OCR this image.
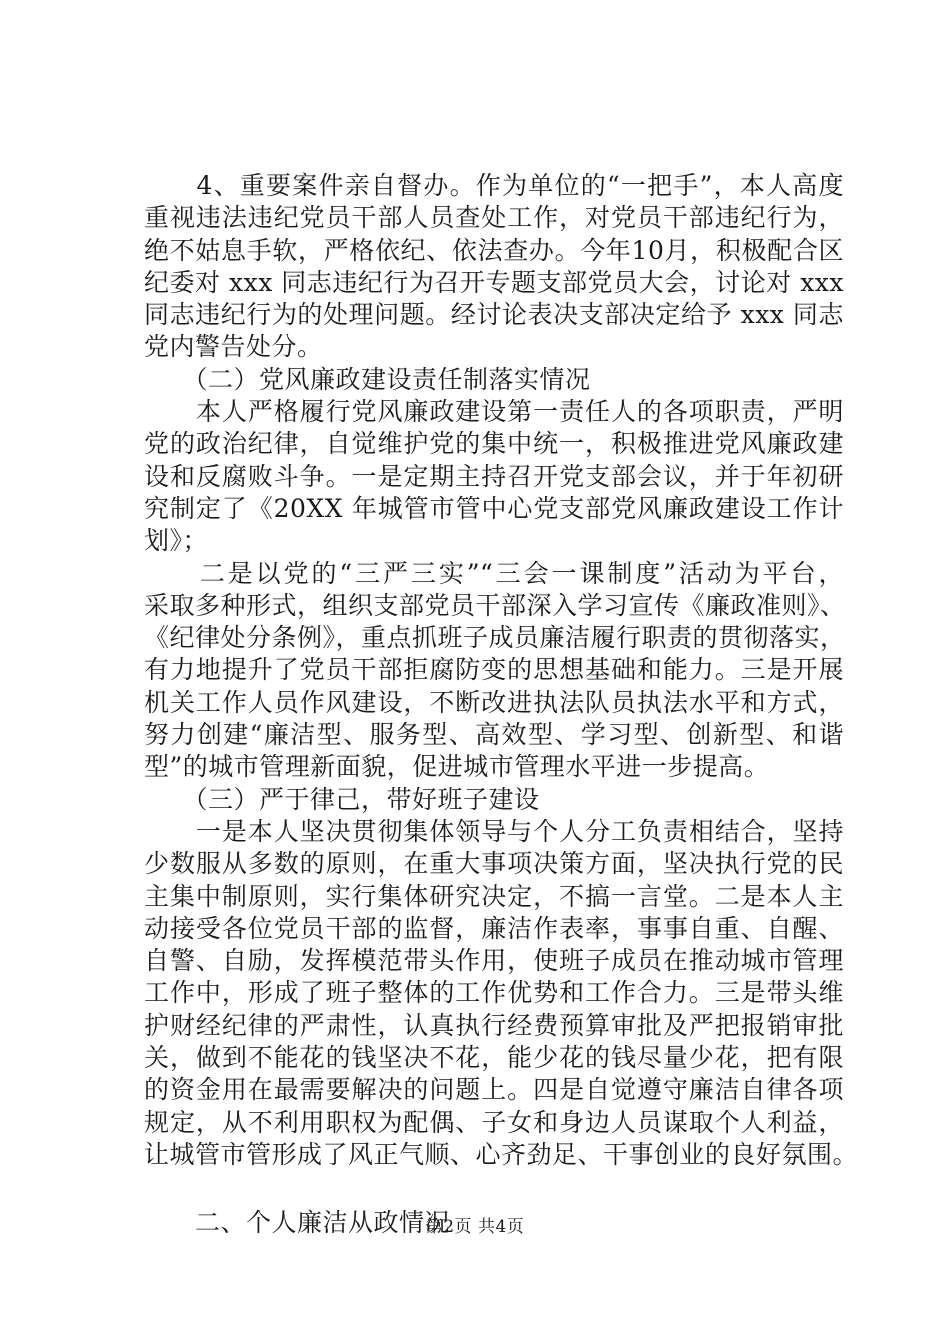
　　4、重要案件亲自督办。作为单位的“一把手”，本人高度
重视违法违纪党员干部人员查处工作，对党员干部违纪行为，
绝不姑息手软，严格依纪、依法查办。今年10月，积极配合区
纪委对 xxx 同志违纪行为召开专题支部党员大会，讨论对 xxx
同志违纪行为的处理问题。经讨论表决支部决定给予 xxx 同志
党内警告处分。
　　（二）党风廉政建设责任制落实情况
　　本人严格履行党风廉政建设第一责任人的各项职责，严明
党的政治纪律，自觉维护党的集中统一，积极推进党风廉政建
设和反腐败斗争。一是定期主持召开党支部会议，并于年初研
究制定了《20XX 年城管市管中心党支部党风廉政建设工作计
划》；
　　二是以党的“三严三实”“三会一课制度”活动为平台，
采取多种形式，组织支部党员干部深入学习宣传《廉政准则》、
《纪律处分条例》，重点抓班子成员廉洁履行职责的贯彻落实，
有力地提升了党员干部拒腐防变的思想基础和能力。三是开展
机关工作人员作风建设，不断改进执法队员执法水平和方式，
努力创建“廉洁型、服务型、高效型、学习型、创新型、和谐
型”的城市管理新面貌，促进城市管理水平进一步提高。
　　（三）严于律己，带好班子建设
　　一是本人坚决贯彻集体领导与个人分工负责相结合，坚持
少数服从多数的原则，在重大事项决策方面，坚决执行党的民
主集中制原则，实行集体研究决定，不搞一言堂。二是本人主
动接受各位党员干部的监督，廉洁作表率，事事自重、自醒、
自警、自励，发挥模范带头作用，使班子成员在推动城市管理
工作中，形成了班子整体的工作优势和工作合力。三是带头维
护财经纪律的严肃性，认真执行经费预算审批及严把报销审批
关，做到不能花的钱坚决不花，能少花的钱尽量少花，把有限
的资金用在最需要解决的问题上。四是自觉遵守廉洁自律各项
规定，从不利用职权为配偶、子女和身边人员谋取个人利益，
让城管市管形成了风正气顺、心齐劲足、干事创业的良好氛围。
　　二、个人廉洁从政情况
第2页 共4页
